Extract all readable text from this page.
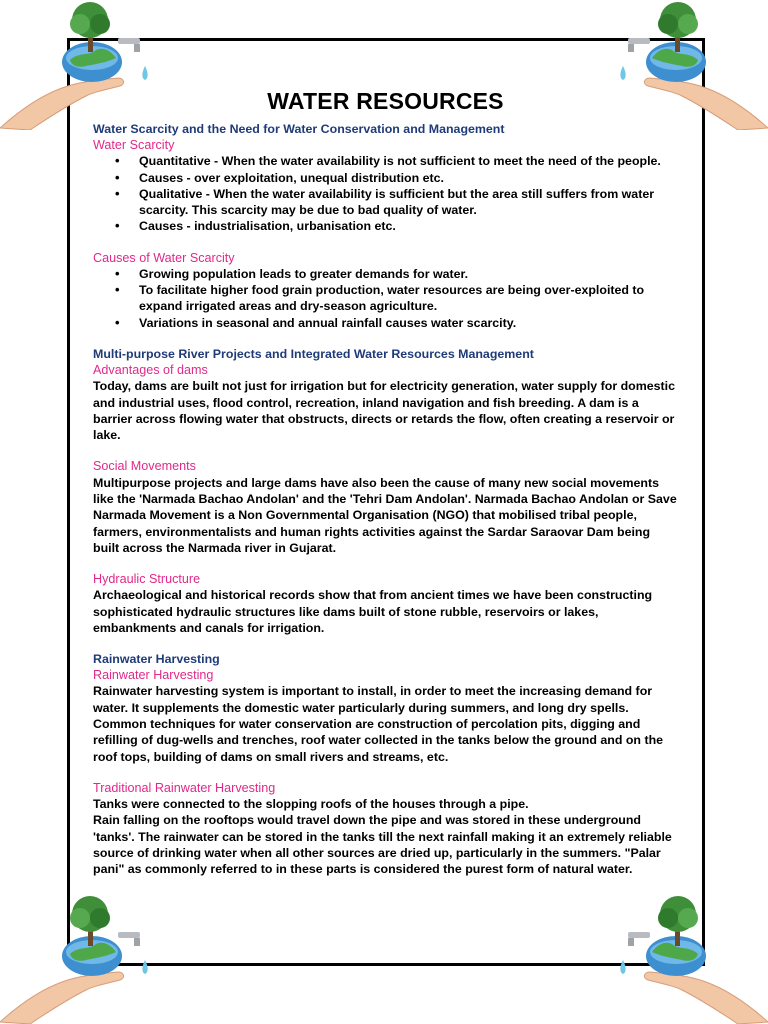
WATER RESOURCES
Water Scarcity and the Need for Water Conservation and Management
Water Scarcity
• Quantitative - When the water availability is not sufficient to meet the need of the people.
• Causes - over exploitation, unequal distribution etc.
• Qualitative - When the water availability is sufficient but the area still suffers from water scarcity. This scarcity may be due to bad quality of water.
• Causes - industrialisation, urbanisation etc.
Causes of Water Scarcity
• Growing population leads to greater demands for water.
• To facilitate higher food grain production, water resources are being over-exploited to expand irrigated areas and dry-season agriculture.
• Variations in seasonal and annual rainfall causes water scarcity.
Multi-purpose River Projects and Integrated Water Resources Management
Advantages of dams

Today, dams are built not just for irrigation but for electricity generation, water supply for domestic and industrial uses, flood control, recreation, inland navigation and fish breeding. A dam is a barrier across flowing water that obstructs, directs or retards the flow, often creating a reservoir or lake.

Social Movements

Multipurpose projects and large dams have also been the cause of many new social movements like the 'Narmada Bachao Andolan' and the 'Tehri Dam Andolan'. Narmada Bachao Andolan or Save Narmada Movement is a Non Governmental Organisation (NGO) that mobilised tribal people, farmers, environmentalists and human rights activities against the Sardar Saraovar Dam being built across the Narmada river in Gujarat.

Hydraulic Structure

Archaeological and historical records show that from ancient times we have been constructing sophisticated hydraulic structures like dams built of stone rubble, reservoirs or lakes, embankments and canals for irrigation.

Rainwater Harvesting
Rainwater Harvesting

Rainwater harvesting system is important to install, in order to meet the increasing demand for water. It supplements the domestic water particularly during summers, and long dry spells. Common techniques for water conservation are construction of percolation pits, digging and refilling of dug-wells and trenches, roof water collected in the tanks below the ground and on the roof tops, building of dams on small rivers and streams, etc.

Traditional Rainwater Harvesting

Tanks were connected to the slopping roofs of the houses through a pipe.

Rain falling on the rooftops would travel down the pipe and was stored in these underground 'tanks'. The rainwater can be stored in the tanks till the next rainfall making it an extremely reliable source of drinking water when all other sources are dried up, particularly in the summers. "Palar pani" as commonly referred to in these parts is considered the purest form of natural water.
